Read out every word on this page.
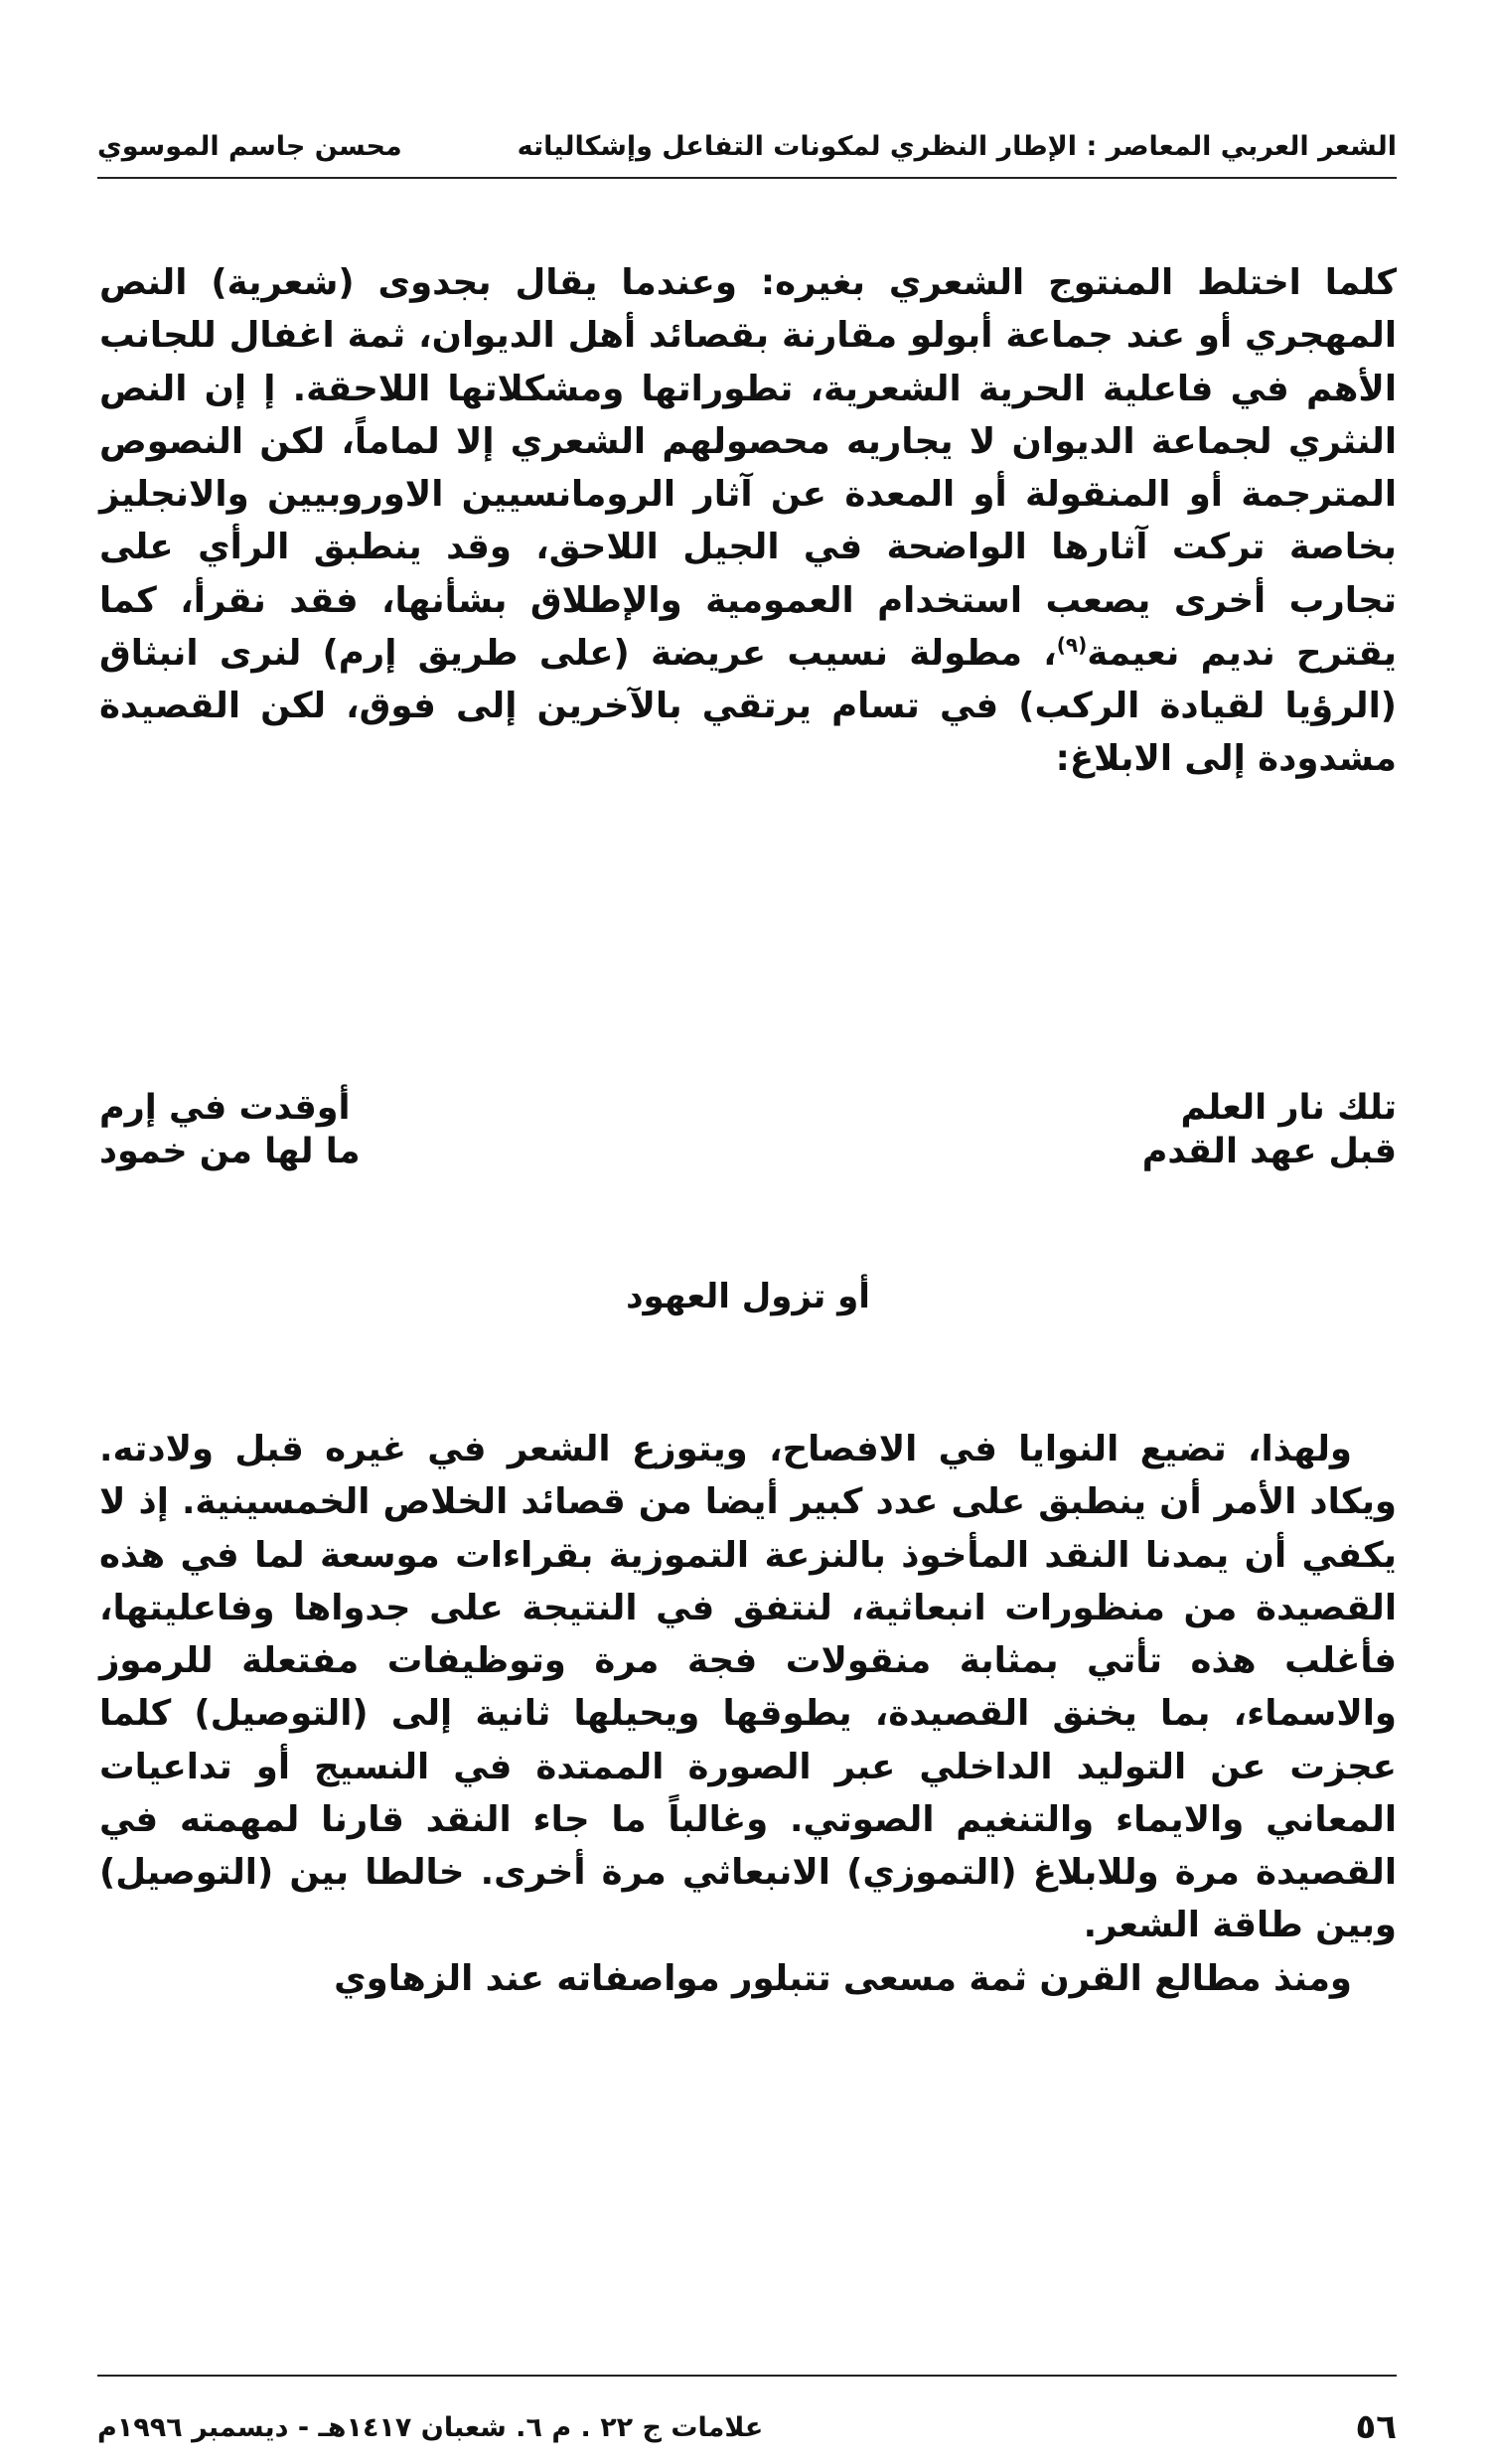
الشعر العربي المعاصر : الإطار النظري لمكونات التفاعل وإشكالياته
محسن جاسم الموسوي

كلما اختلط المنتوج الشعري بغيره: وعندما يقال بجدوى (شعرية) النص المهجري أو عند جماعة أبولو مقارنة بقصائد أهل الديوان، ثمة اغفال للجانب الأهم في فاعلية الحرية الشعرية، تطوراتها ومشكلاتها اللاحقة. إ إن النص النثري لجماعة الديوان لا يجاريه محصولهم الشعري إلا لماماً، لكن النصوص المترجمة أو المنقولة أو المعدة عن آثار الرومانسيين الاوروبيين والانجليز بخاصة تركت آثارها الواضحة في الجيل اللاحق، وقد ينطبق الرأي على تجارب أخرى يصعب استخدام العمومية والإطلاق بشأنها، فقد نقرأ، كما يقترح نديم نعيمة$^{(٩)}$، مطولة نسيب عريضة (على طريق إرم) لنرى انبثاق (الرؤيا لقيادة الركب) في تسام يرتقي بالآخرين إلى فوق، لكن القصيدة مشدودة إلى الابلاغ:

تلك نار العلم
أوقدت في إرم
قبل عهد القدم
ما لها من خمود
أو تزول العهود

ولهذا، تضيع النوايا في الافصاح، ويتوزع الشعر في غيره قبل ولادته. ويكاد الأمر أن ينطبق على عدد كبير أيضا من قصائد الخلاص الخمسينية. إذ لا يكفي أن يمدنا النقد المأخوذ بالنزعة التموزية بقراءات موسعة لما في هذه القصيدة من منظورات انبعاثية، لنتفق في النتيجة على جدواها وفاعليتها، فأغلب هذه تأتي بمثابة منقولات فجة مرة وتوظيفات مفتعلة للرموز والاسماء، بما يخنق القصيدة، يطوقها ويحيلها ثانية إلى (التوصيل) كلما عجزت عن التوليد الداخلي عبر الصورة الممتدة في النسيج أو تداعيات المعاني والايماء والتنغيم الصوتي. وغالباً ما جاء النقد قارنا لمهمته في القصيدة مرة وللابلاغ (التموزي) الانبعاثي مرة أخرى. خالطا بين (التوصيل) وبين طاقة الشعر.

ومنذ مطالع القرن ثمة مسعى تتبلور مواصفاته عند الزهاوي

٥٦
علامات ج ٢٢ . م ٦. شعبان ١٤١٧هـ - ديسمبر ١٩٩٦م
